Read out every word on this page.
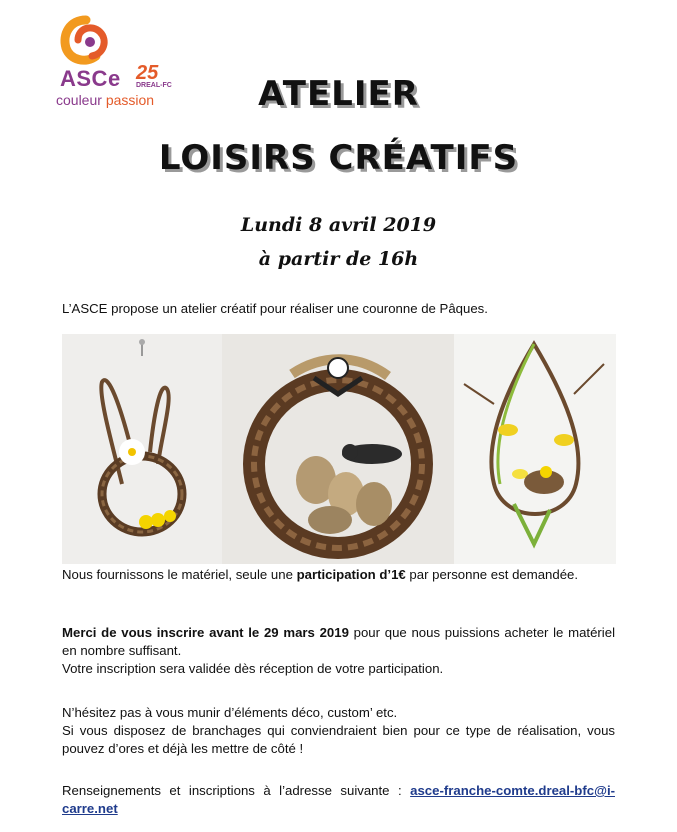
ASCe 25
DREAL-FC
couleur passion	ATELIER
LOISIRS CRÉATIFS
Lundi 8 avril 2019
à partir de 16h
L’ASCE propose un atelier créatif pour réaliser une couronne de Pâques.
Nous fournissons le matériel, seule une participation d’1€ par personne est demandée.
Merci de vous inscrire avant le 29 mars 2019 pour que nous puissions acheter le matériel en nombre suffisant.
Votre inscription sera validée dès réception de votre participation.
N’hésitez pas à vous munir d’éléments déco, custom’ etc.
Si vous disposez de branchages qui conviendraient bien pour ce type de réalisation, vous pouvez d’ores et déjà les mettre de côté !
Renseignements et inscriptions à l’adresse suivante : asce-franche-comte.dreal-bfc@i-carre.net
